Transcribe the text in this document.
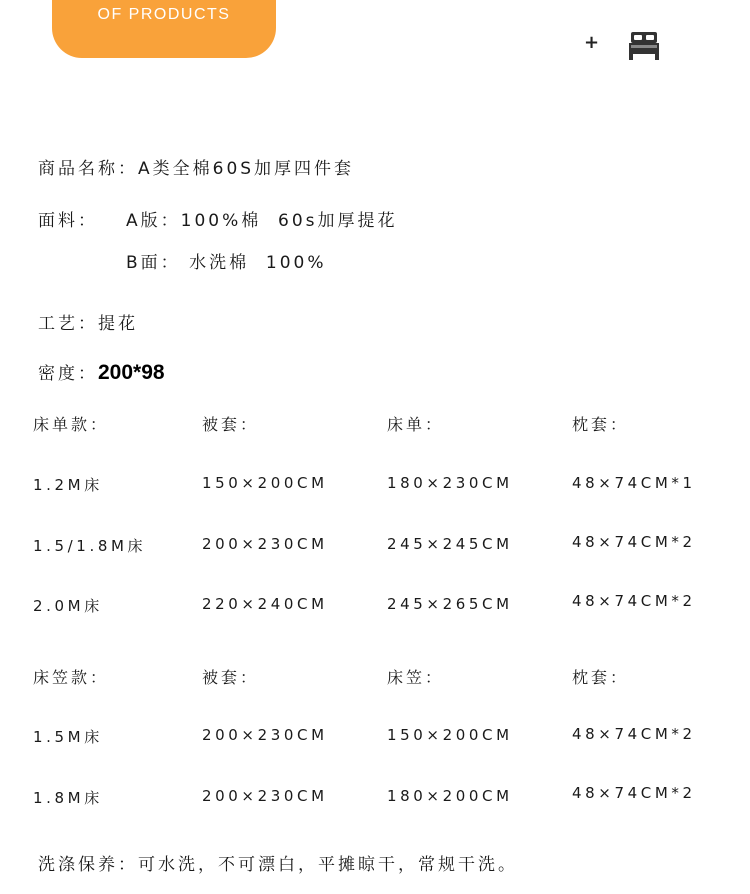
OF PRODUCTS
+
商品名称：A类全棉60S加厚四件套
面料： A版：100%棉  60s加厚提花
B面： 水洗棉  100%
工艺：提花
密度：200*98
床单款：	被套：	床单：	枕套：
1.2M床	150×200CM	180×230CM	48×74CM*1
1.5/1.8M床	200×230CM	245×245CM	48×74CM*2
2.0M床	220×240CM	245×265CM	48×74CM*2
床笠款：	被套：	床笠：	枕套：
1.5M床	200×230CM	150×200CM	48×74CM*2
1.8M床	200×230CM	180×200CM	48×74CM*2
洗涤保养：可水洗，不可漂白，平摊晾干，常规干洗。
